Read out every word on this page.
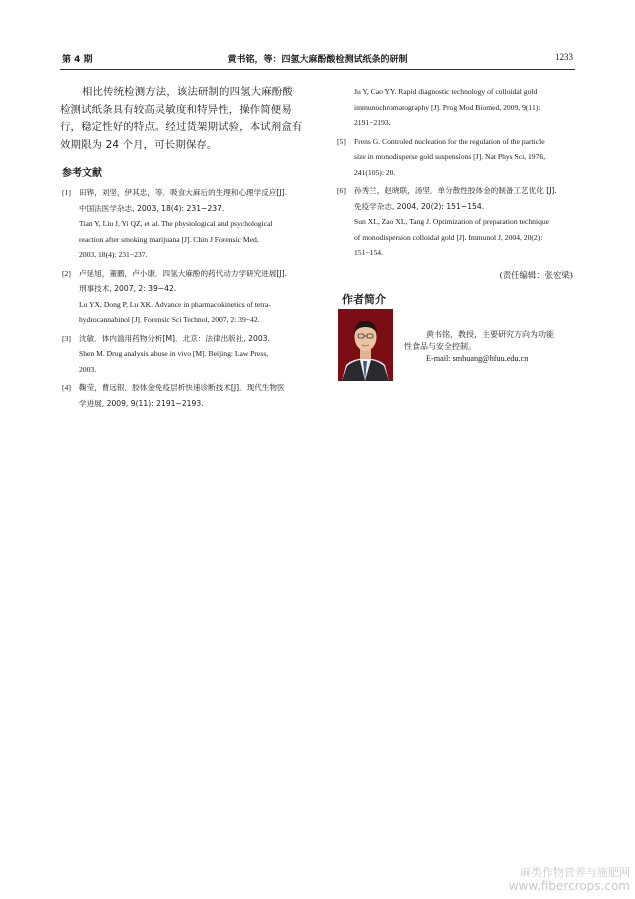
第 4 期	黄书铭，等：四氢大麻酚酸检测试纸条的研制	1233

相比传统检测方法，该法研制的四氢大麻酚酸

检测试纸条具有较高灵敏度和特异性，操作简便易

行，稳定性好的特点。经过货架期试验，本试剂盒有

效期限为 24 个月，可长期保存。

参考文献
[1] 田铧，刘坚，伊其忠，等．吸食大麻后的生理和心理学反应[J].
中国法医学杂志, 2003, 18(4): 231−237.
Tian Y, Liu J, Yi QZ, et al. The physiological and psychological
reaction after smoking marijuana [J]. Chin J Forensic Med,
2003, 18(4): 231−237.
[2] 卢延旭，董鹏，卢小康．四氢大麻酚的药代动力学研究进展[J].
刑事技术, 2007, 2: 39−42.
Lu YX, Dong P, Lu XK. Advance in pharmacokinetics of tetra-
hydrocannabinol [J]. Forensic Sci Technol, 2007, 2: 39−42.
[3] 沈敏．体内滥用药物分析[M]．北京：法律出版社, 2003.
Shen M. Drug analysis abuse in vivo [M]. Beijing: Law Press,
2003.
[4] 鞠莹，曹远银．胶体金免疫层析快速诊断技术[J]．现代生物医
学进展, 2009, 9(11): 2191−2193.
Ju Y, Cao YY. Rapid diagnostic technology of colloidal gold
immunochromatography [J]. Prog Mod Biomed, 2009, 9(11):
2191−2193.
[5] Frens G. Controled nucleation for the regulation of the particle
size in monodisperse gold suspensions [J]. Nat Phys Sci, 1976,
241(105): 20.
[6] 孙秀兰，赵晓联，汤坚．单分散性胶体金的制备工艺优化 [J].
免疫学杂志, 2004, 20(2): 151−154.
Sun XL, Zao XL, Tang J. Optimization of preparation technique
of monodispersion colloidal gold [J]. Immunol J, 2004, 20(2):
151−154.
(责任编辑：张宏梁)
作者简介
黄书铭，教授，主要研究方向为功能
性食品与安全控制。
E-mail: smhuang@hfuu.edu.cn
麻类作物营养与施肥网
www.fibercrops.com
